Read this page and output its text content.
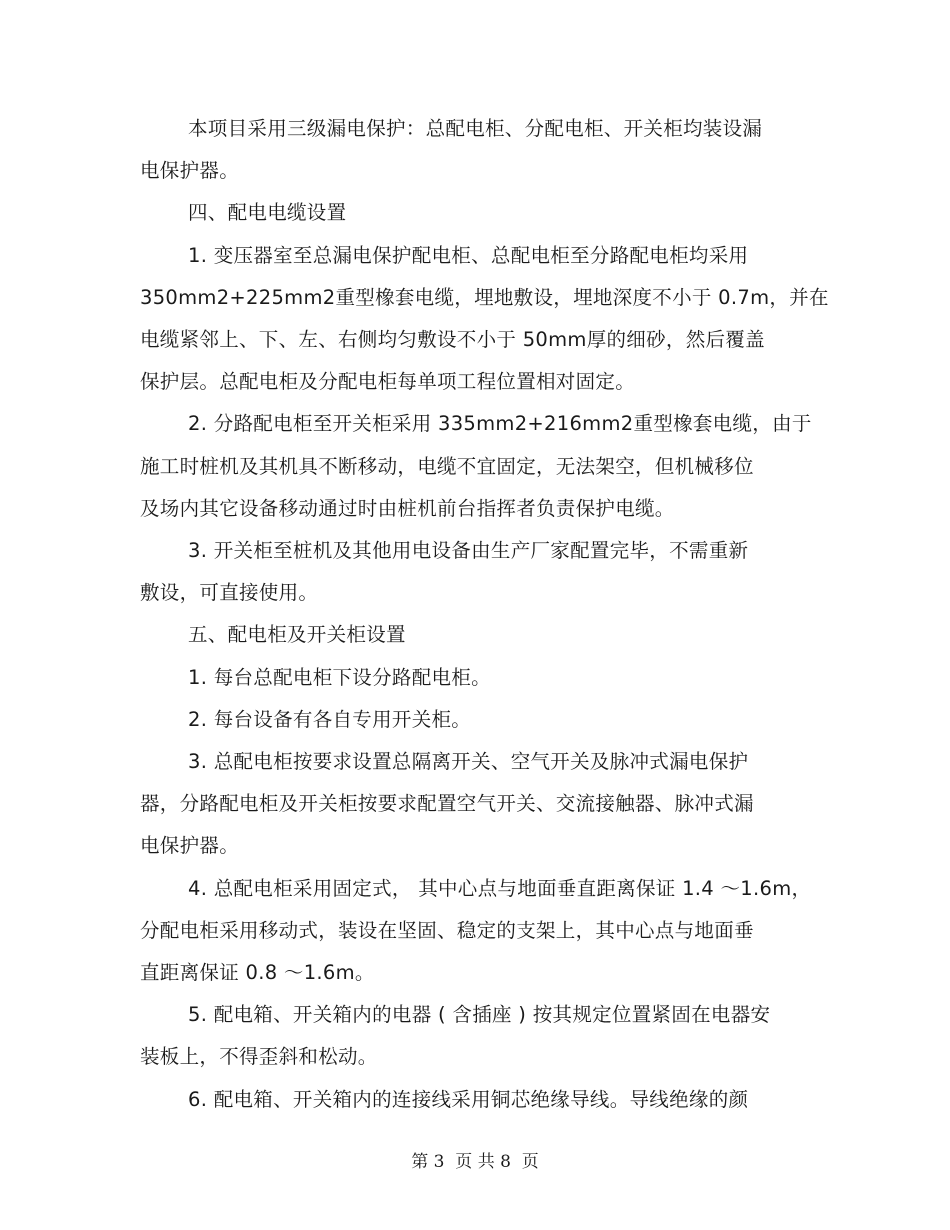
本项目采用三级漏电保护：总配电柜、分配电柜、开关柜均装设漏
电保护器。
四、配电电缆设置
1. 变压器室至总漏电保护配电柜、总配电柜至分路配电柜均采用
350mm2+225mm2重型橡套电缆，埋地敷设，埋地深度不小于 0.7m，并在
电缆紧邻上、下、左、右侧均匀敷设不小于 50mm厚的细砂，然后覆盖
保护层。总配电柜及分配电柜每单项工程位置相对固定。
2. 分路配电柜至开关柜采用 335mm2+216mm2重型橡套电缆，由于
施工时桩机及其机具不断移动，电缆不宜固定，无法架空，但机械移位
及场内其它设备移动通过时由桩机前台指挥者负责保护电缆。
3. 开关柜至桩机及其他用电设备由生产厂家配置完毕，不需重新
敷设，可直接使用。
五、配电柜及开关柜设置
1. 每台总配电柜下设分路配电柜。
2. 每台设备有各自专用开关柜。
3. 总配电柜按要求设置总隔离开关、空气开关及脉冲式漏电保护
器，分路配电柜及开关柜按要求配置空气开关、交流接触器、脉冲式漏
电保护器。
4. 总配电柜采用固定式， 其中心点与地面垂直距离保证 1.4 ～1.6m，
分配电柜采用移动式，装设在坚固、稳定的支架上，其中心点与地面垂
直距离保证 0.8 ～1.6m。
5. 配电箱、开关箱内的电器 ( 含插座 ) 按其规定位置紧固在电器安
装板上，不得歪斜和松动。
6. 配电箱、开关箱内的连接线采用铜芯绝缘导线。导线绝缘的颜
第 3  页 共 8  页
